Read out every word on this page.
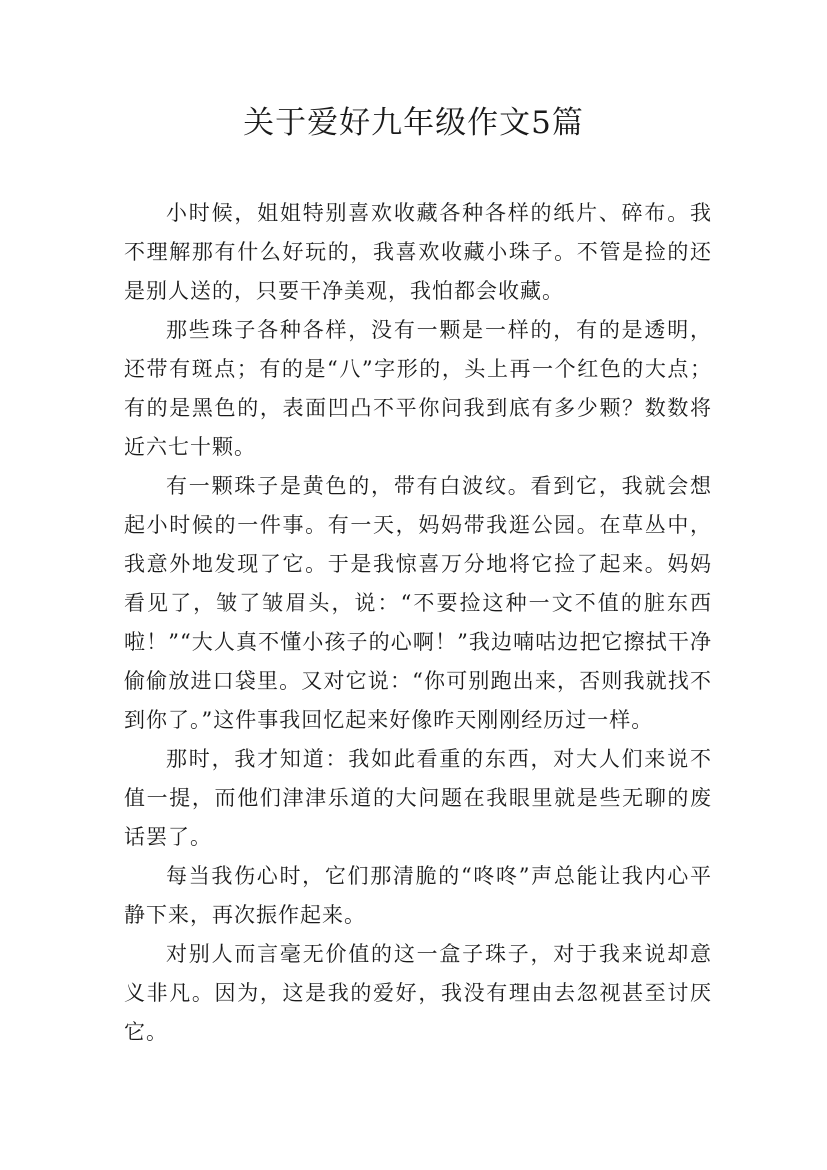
关于爱好九年级作文5篇

小时候，姐姐特别喜欢收藏各种各样的纸片、碎布。我不理解那有什么好玩的，我喜欢收藏小珠子。不管是捡的还是别人送的，只要干净美观，我怕都会收藏。

那些珠子各种各样，没有一颗是一样的，有的是透明，还带有斑点；有的是“八”字形的，头上再一个红色的大点；有的是黑色的，表面凹凸不平你问我到底有多少颗？数数将近六七十颗。

有一颗珠子是黄色的，带有白波纹。看到它，我就会想起小时候的一件事。有一天，妈妈带我逛公园。在草丛中，我意外地发现了它。于是我惊喜万分地将它捡了起来。妈妈看见了，皱了皱眉头，说：“不要捡这种一文不值的脏东西啦！”“大人真不懂小孩子的心啊！”我边喃咕边把它擦拭干净偷偷放进口袋里。又对它说：“你可别跑出来，否则我就找不到你了。”这件事我回忆起来好像昨天刚刚经历过一样。

那时，我才知道：我如此看重的东西，对大人们来说不值一提，而他们津津乐道的大问题在我眼里就是些无聊的废话罢了。

每当我伤心时，它们那清脆的“咚咚”声总能让我内心平静下来，再次振作起来。

对别人而言毫无价值的这一盒子珠子，对于我来说却意义非凡。因为，这是我的爱好，我没有理由去忽视甚至讨厌它。
